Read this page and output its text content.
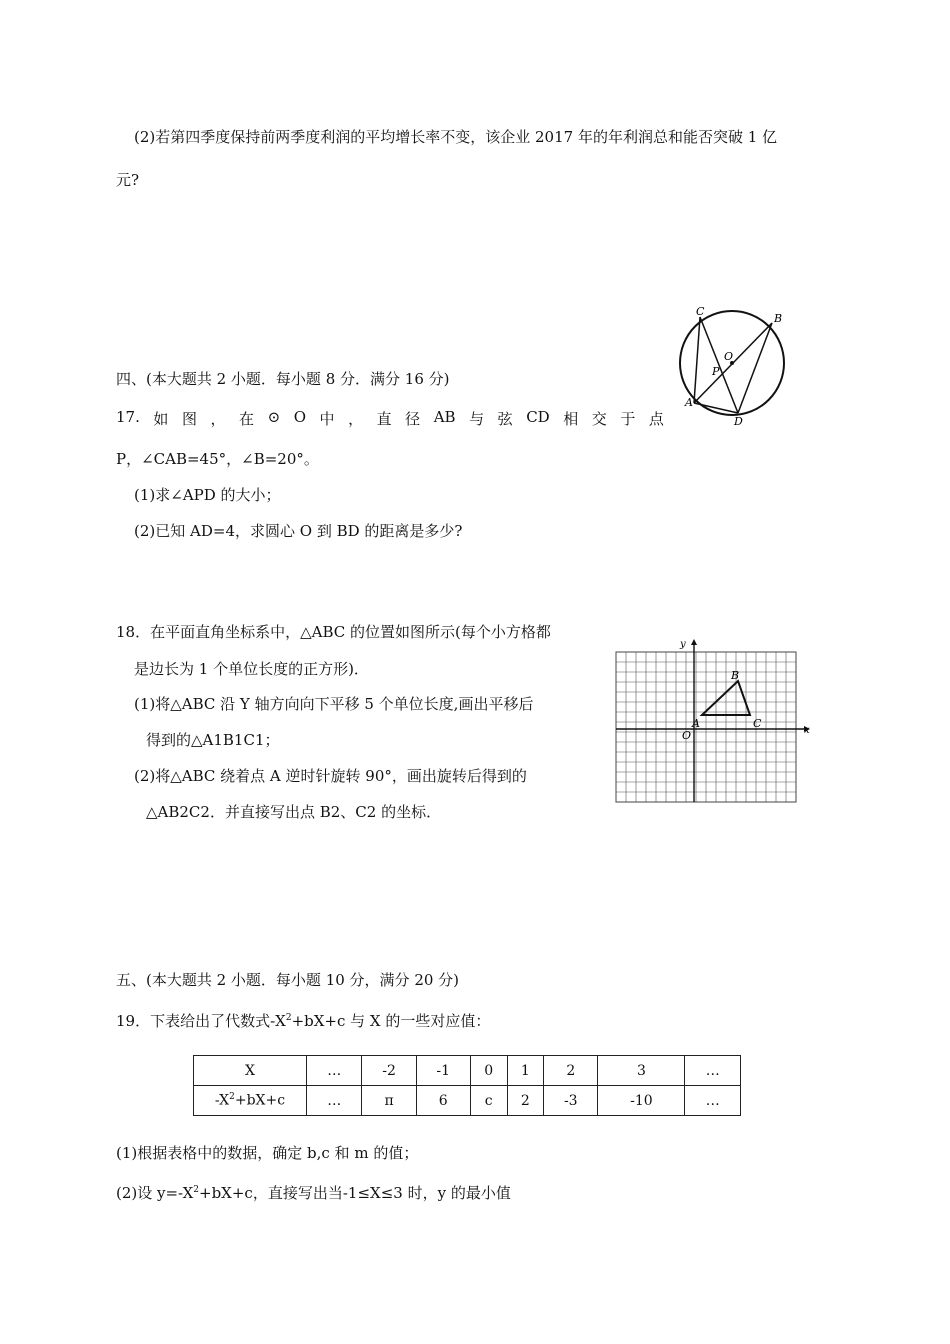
(2)若第四季度保持前两季度利润的平均增长率不变，该企业 2017 年的年利润总和能否突破 1 亿
元?
四、(本大题共 2 小题．每小题 8 分．满分 16 分)
C
B
O
P
A
D
17. 如 图 ， 在 ⊙ O 中 ， 直 径 AB 与 弦 CD 相 交 于 点
P，∠CAB=45°，∠B=20°。
(1)求∠APD 的大小；
(2)已知 AD=4，求圆心 O 到 BD 的距离是多少?
18．在平面直角坐标系中，△ABC 的位置如图所示(每个小方格都
是边长为 1 个单位长度的正方形)．
(1)将△ABC 沿 Y 轴方向向下平移 5 个单位长度,画出平移后
得到的△A1B1C1；
(2)将△ABC 绕着点 A 逆时针旋转 90°，画出旋转后得到的
△AB2C2．并直接写出点 B2、C2 的坐标．
y
x
O
A
B
C
五、(本大题共 2 小题．每小题 10 分，满分 20 分)
19．下表给出了代数式$-X^2+bX+c$ 与 X 的一些对应值：
X	…	-2	-1	0	1	2	3	…
$-X^2+bX+c$	…	π	6	c	2	-3	-10	…
(1)根据表格中的数据，确定 b,c 和 m 的值；
(2)设 $y=-X^2+bX+c$，直接写出当-1≤X≤3 时，y 的最小值
